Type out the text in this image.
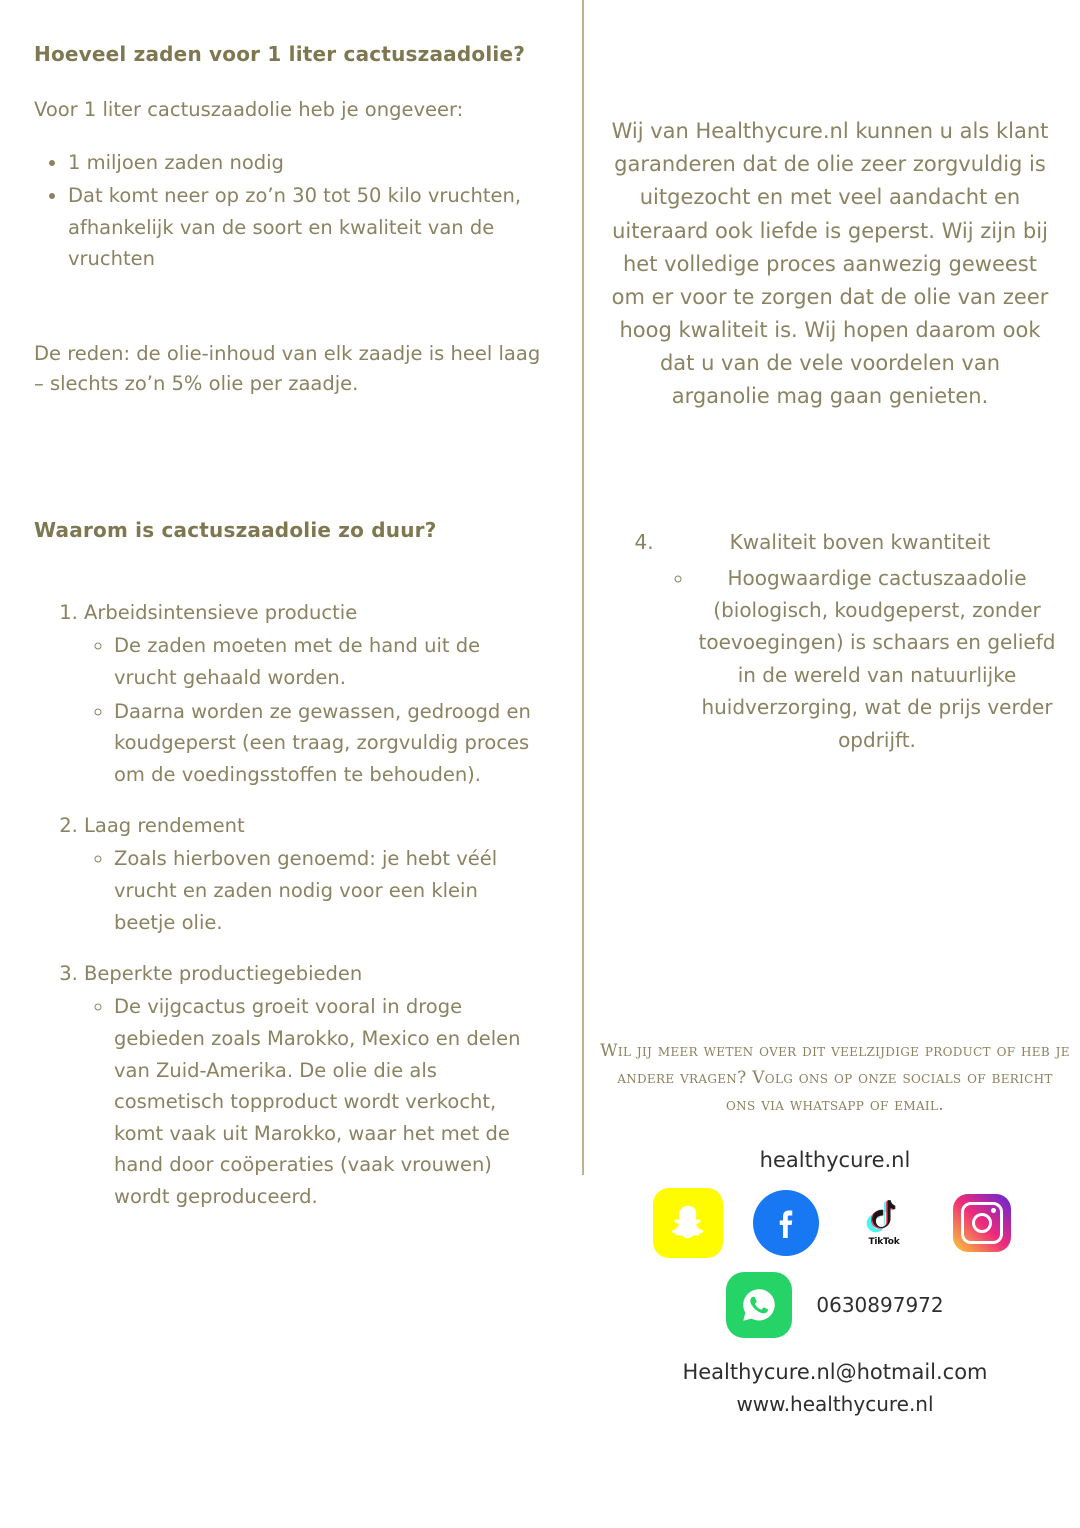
Hoeveel zaden voor 1 liter cactuszaadolie?

Voor 1 liter cactuszaadolie heb je ongeveer:

• 1 miljoen zaden nodig
• Dat komt neer op zo’n 30 tot 50 kilo vruchten, afhankelijk van de soort en kwaliteit van de vruchten

De reden: de olie-inhoud van elk zaadje is heel laag – slechts zo’n 5% olie per zaadje.

Waarom is cactuszaadolie zo duur?
1. Arbeidsintensieve productie
◦ De zaden moeten met de hand uit de vrucht gehaald worden.
◦ Daarna worden ze gewassen, gedroogd en koudgeperst (een traag, zorgvuldig proces om de voedingsstoffen te behouden).
2. Laag rendement
◦ Zoals hierboven genoemd: je hebt véél vrucht en zaden nodig voor een klein beetje olie.
3. Beperkte productiegebieden
◦ De vijgcactus groeit vooral in droge gebieden zoals Marokko, Mexico en delen van Zuid-Amerika. De olie die als cosmetisch topproduct wordt verkocht, komt vaak uit Marokko, waar het met de hand door coöperaties (vaak vrouwen) wordt geproduceerd.

Wij van Healthycure.nl kunnen u als klant garanderen dat de olie zeer zorgvuldig is uitgezocht en met veel aandacht en uiteraard ook liefde is geperst. Wij zijn bij het volledige proces aanwezig geweest om er voor te zorgen dat de olie van zeer hoog kwaliteit is. Wij hopen daarom ook dat u van de vele voordelen van arganolie mag gaan genieten.

4. Kwaliteit boven kwantiteit
◦ Hoogwaardige cactuszaadolie (biologisch, koudgeperst, zonder toevoegingen) is schaars en geliefd in de wereld van natuurlijke huidverzorging, wat de prijs verder opdrijft.

Wil jij meer weten over dit veelzijdige product of heb je andere vragen? Volg ons op onze socials of bericht ons via whatsapp of email.

healthycure.nl

TikTok
0630897972

Healthycure.nl@hotmail.com

www.healthycure.nl
